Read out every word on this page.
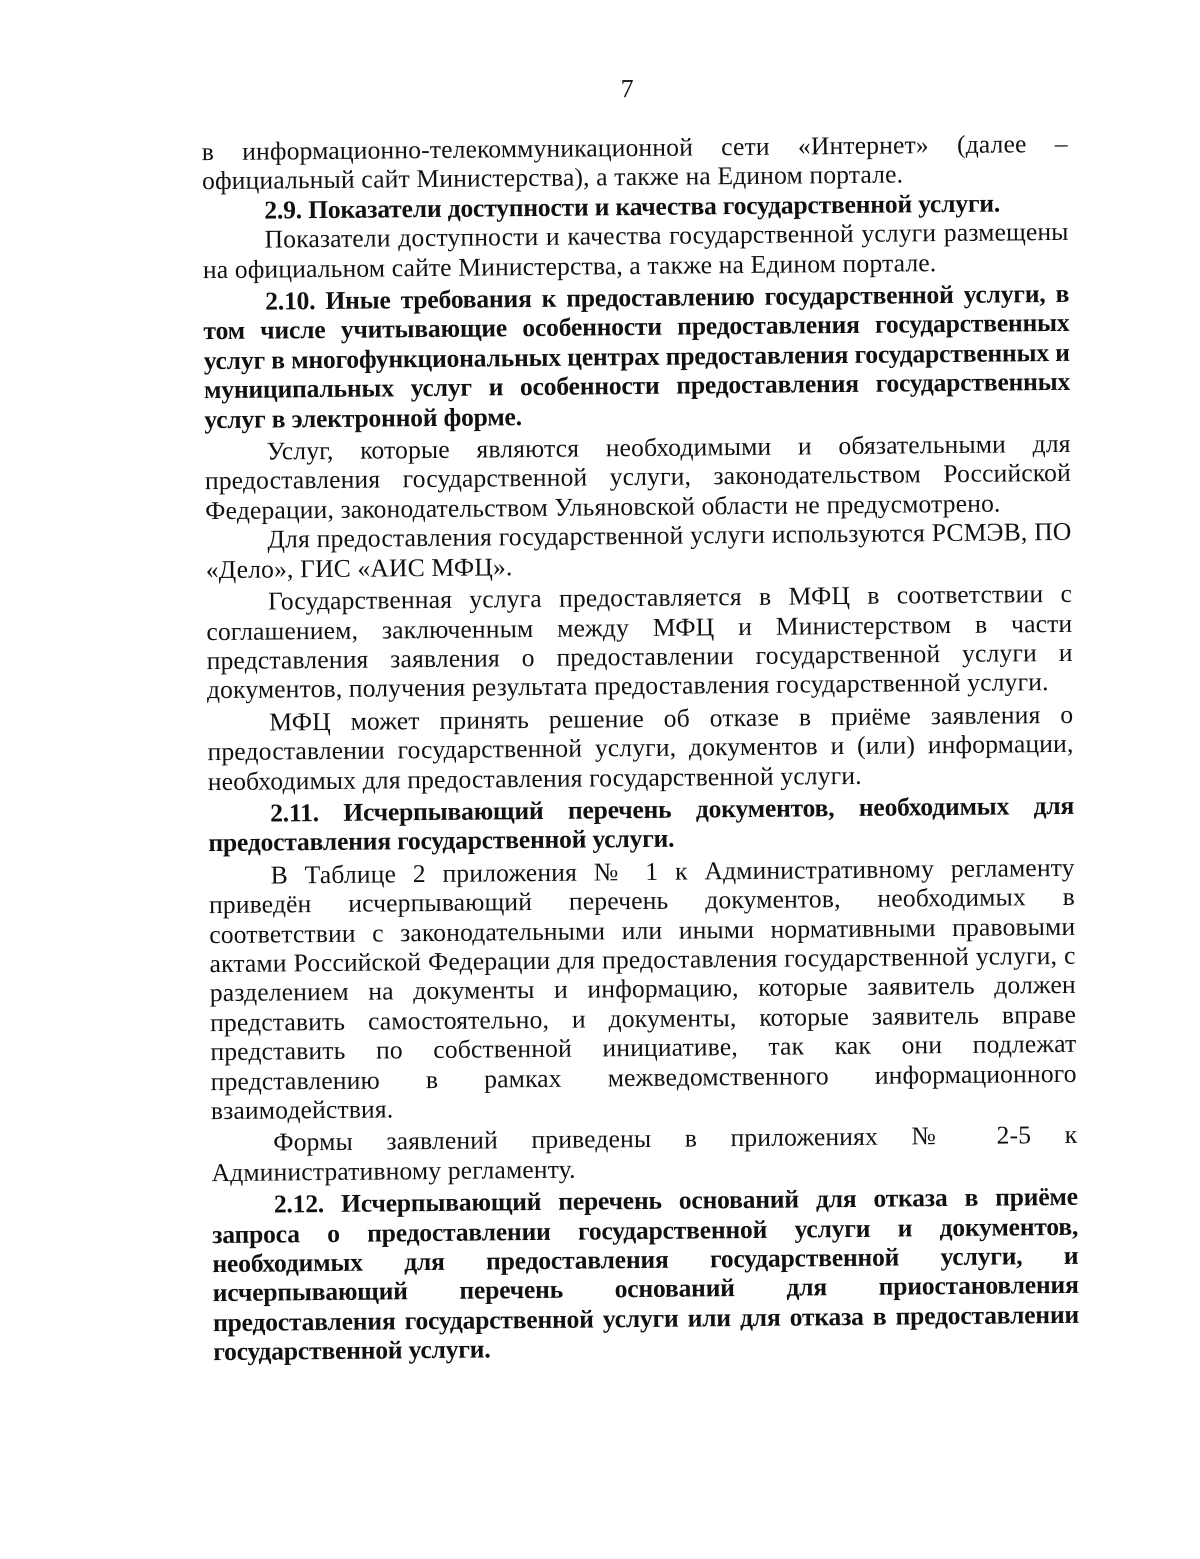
7

в информационно-телекоммуникационной сети «Интернет» (далее – официальный сайт Министерства), а также на Едином портале.

2.9. Показатели доступности и качества государственной услуги.

Показатели доступности и качества государственной услуги размещены на официальном сайте Министерства, а также на Едином портале.

2.10. Иные требования к предоставлению государственной услуги, в том числе учитывающие особенности предоставления государственных услуг в многофункциональных центрах предоставления государственных и муниципальных услуг и особенности предоставления государственных услуг в электронной форме.

Услуг, которые являются необходимыми и обязательными для предоставления государственной услуги, законодательством Российской Федерации, законодательством Ульяновской области не предусмотрено.

Для предоставления государственной услуги используются РСМЭВ, ПО «Дело», ГИС «АИС МФЦ».

Государственная услуга предоставляется в МФЦ в соответствии с соглашением, заключенным между МФЦ и Министерством в части представления заявления о предоставлении государственной услуги и документов, получения результата предоставления государственной услуги.

МФЦ может принять решение об отказе в приёме заявления о предоставлении государственной услуги, документов и (или) информации, необходимых для предоставления государственной услуги.

2.11. Исчерпывающий перечень документов, необходимых для предоставления государственной услуги.

В Таблице 2 приложения № 1 к Административному регламенту приведён исчерпывающий перечень документов, необходимых в соответствии с законодательными или иными нормативными правовыми актами Российской Федерации для предоставления государственной услуги, с разделением на документы и информацию, которые заявитель должен представить самостоятельно, и документы, которые заявитель вправе представить по собственной инициативе, так как они подлежат представлению в рамках межведомственного информационного взаимодействия.

Формы заявлений приведены в приложениях № 2-5 к Административному регламенту.

2.12. Исчерпывающий перечень оснований для отказа в приёме запроса о предоставлении государственной услуги и документов, необходимых для предоставления государственной услуги, и исчерпывающий перечень оснований для приостановления предоставления государственной услуги или для отказа в предоставлении государственной услуги.
